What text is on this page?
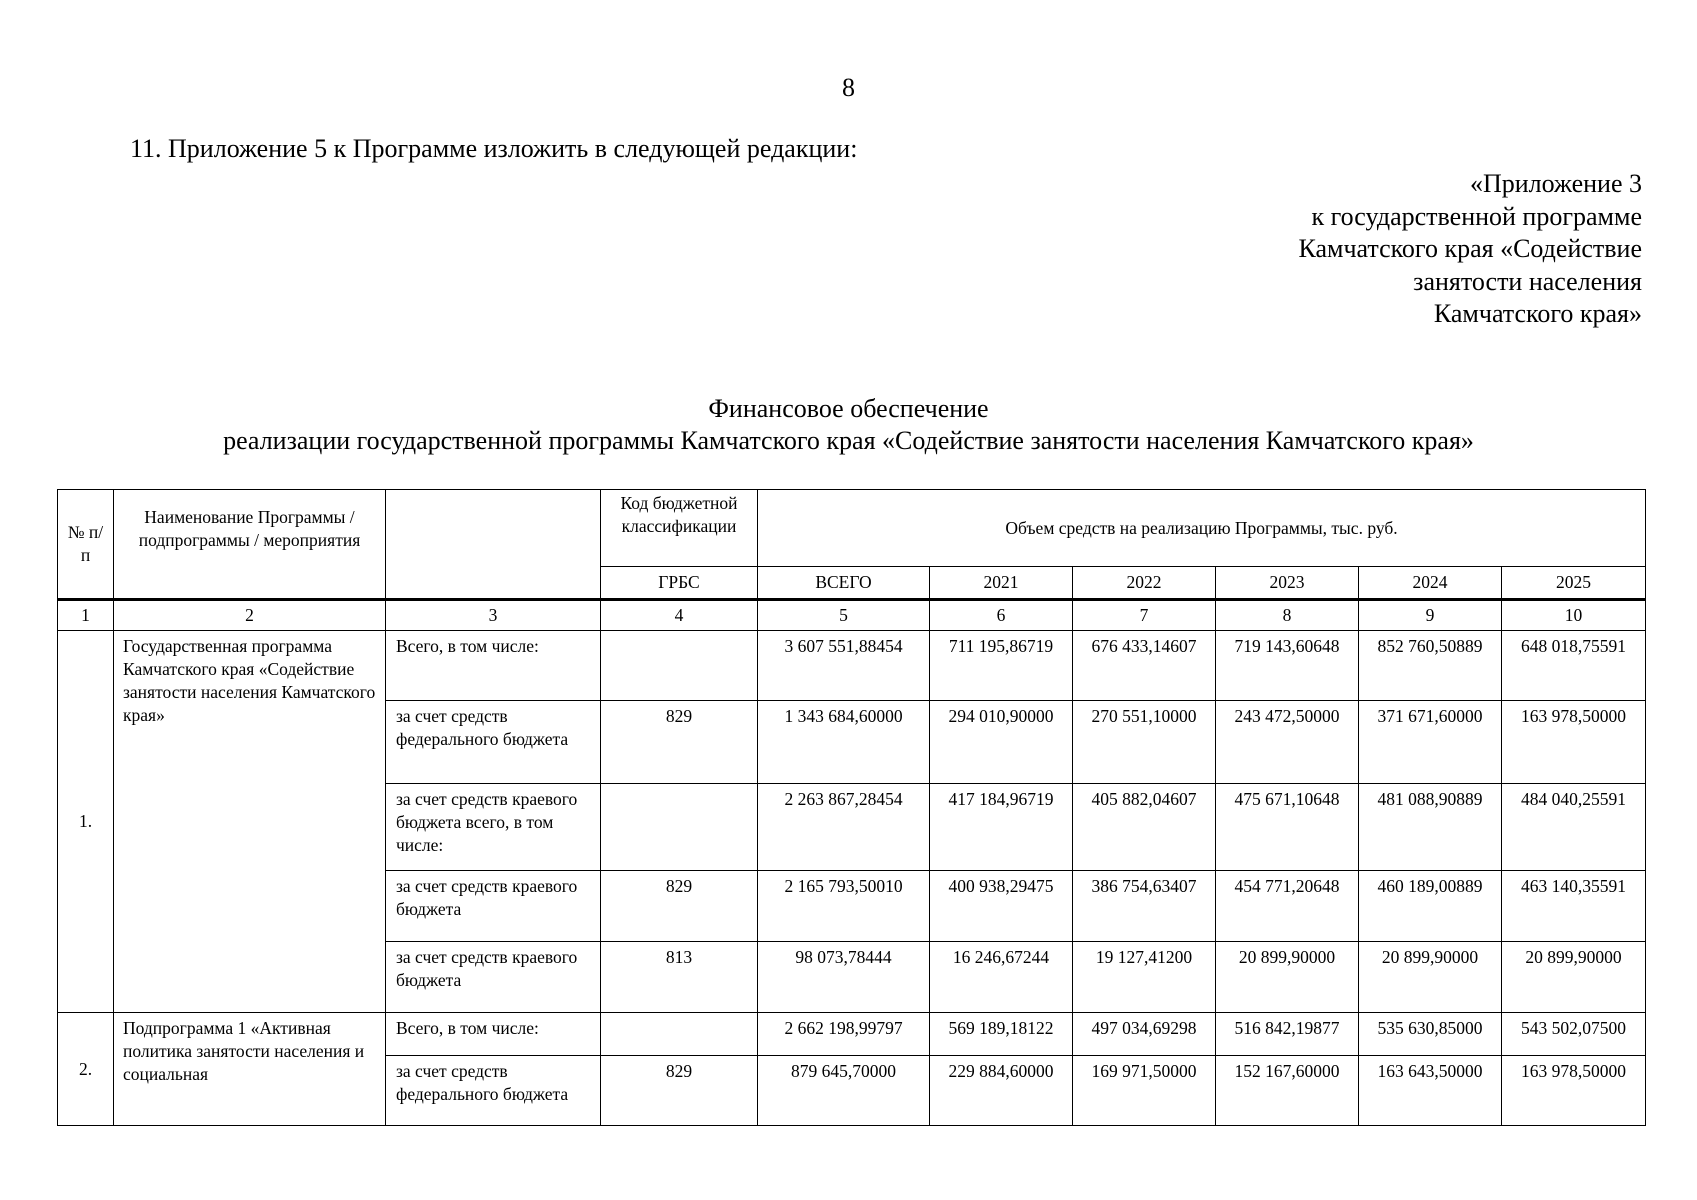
8
11. Приложение 5 к Программе изложить в следующей редакции:
«Приложение 3
к государственной программе
Камчатского края «Содействие
занятости населения
Камчатского края»
Финансовое обеспечение
реализации государственной программы Камчатского края «Содействие занятости населения Камчатского края»
№ п/п	Наименование Программы / подпрограммы / мероприятия		Код бюджетной классификации	Объем средств на реализацию Программы, тыс. руб.					
			ГРБС	ВСЕГО	2021	2022	2023	2024	2025
1	2	3	4	5	6	7	8	9	10
1.	Государственная программа Камчатского края «Содействие занятости населения Камчатского края»	Всего, в том числе:		3 607 551,88454	711 195,86719	676 433,14607	719 143,60648	852 760,50889	648 018,75591
		за счет средств федерального бюджета	829	1 343 684,60000	294 010,90000	270 551,10000	243 472,50000	371 671,60000	163 978,50000
		за счет средств краевого бюджета всего, в том числе:		2 263 867,28454	417 184,96719	405 882,04607	475 671,10648	481 088,90889	484 040,25591
		за счет средств краевого бюджета	829	2 165 793,50010	400 938,29475	386 754,63407	454 771,20648	460 189,00889	463 140,35591
		за счет средств краевого бюджета	813	98 073,78444	16 246,67244	19 127,41200	20 899,90000	20 899,90000	20 899,90000
2.	Подпрограмма 1 «Активная политика занятости населения и социальная	Всего, в том числе:		2 662 198,99797	569 189,18122	497 034,69298	516 842,19877	535 630,85000	543 502,07500
		за счет средств федерального бюджета	829	879 645,70000	229 884,60000	169 971,50000	152 167,60000	163 643,50000	163 978,50000
